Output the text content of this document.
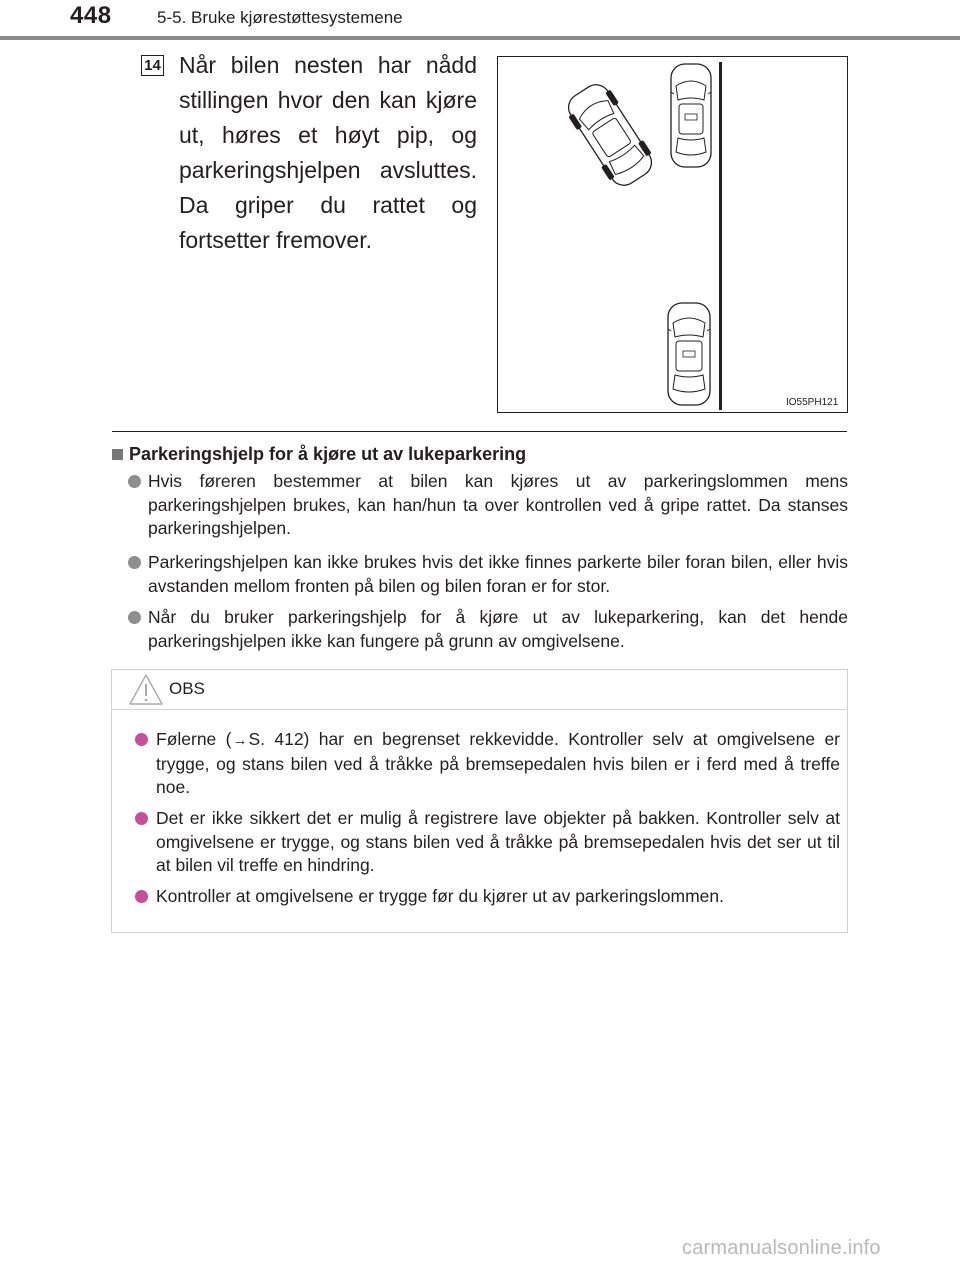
448	5-5. Bruke kjørestøttesystemene
14 Når bilen nesten har nådd stillingen hvor den kan kjøre ut, høres et høyt pip, og parkeringshjelpen avsluttes. Da griper du rattet og fortsetter fremover.
IO55PH121
Parkeringshjelp for å kjøre ut av lukeparkering
Hvis føreren bestemmer at bilen kan kjøres ut av parkeringslommen mens parkeringshjelpen brukes, kan han/hun ta over kontrollen ved å gripe rattet. Da stanses parkeringshjelpen.
Parkeringshjelpen kan ikke brukes hvis det ikke finnes parkerte biler foran bilen, eller hvis avstanden mellom fronten på bilen og bilen foran er for stor.
Når du bruker parkeringshjelp for å kjøre ut av lukeparkering, kan det hende parkeringshjelpen ikke kan fungere på grunn av omgivelsene.
OBS
Følerne (→S. 412) har en begrenset rekkevidde. Kontroller selv at omgivelsene er trygge, og stans bilen ved å tråkke på bremsepedalen hvis bilen er i ferd med å treffe noe.
Det er ikke sikkert det er mulig å registrere lave objekter på bakken. Kontroller selv at omgivelsene er trygge, og stans bilen ved å tråkke på bremsepedalen hvis det ser ut til at bilen vil treffe en hindring.
Kontroller at omgivelsene er trygge før du kjører ut av parkeringslommen.
carmanualsonline.info
